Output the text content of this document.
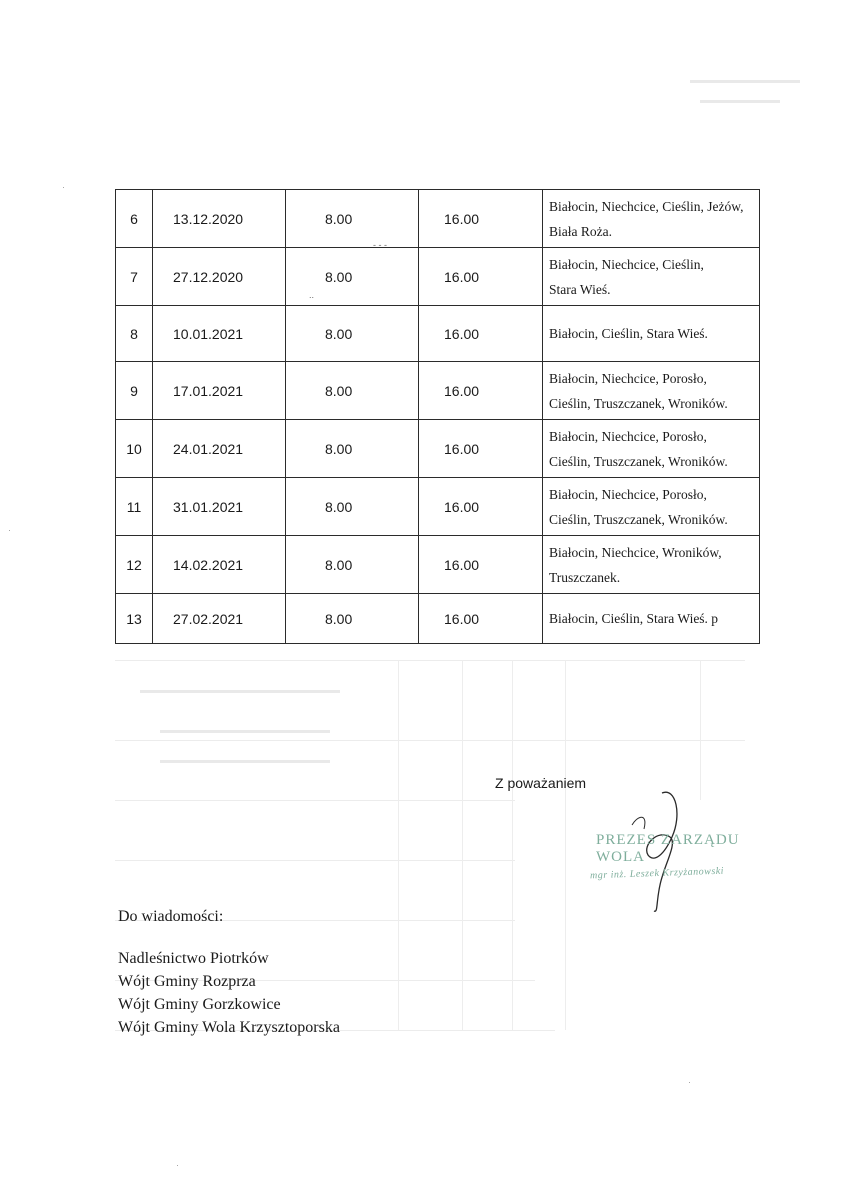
6	13.12.2020	8.00	16.00	Białocin, Niechcice, Cieślin, Jeżów,
Biała Roża.

7	27.12.2020	8.00	16.00	Białocin, Niechcice, Cieślin,
Stara Wieś.

8	10.01.2021	8.00	16.00	Białocin, Cieślin, Stara Wieś.

9	17.01.2021	8.00	16.00	Białocin, Niechcice, Porosło,
Cieślin, Truszczanek, Wroników.

10	24.01.2021	8.00	16.00	Białocin, Niechcice, Porosło,
Cieślin, Truszczanek, Wroników.

11	31.01.2021	8.00	16.00	Białocin, Niechcice, Porosło,
Cieślin, Truszczanek, Wroników.

12	14.02.2021	8.00	16.00	Białocin, Niechcice, Wroników,
Truszczanek.

13	27.02.2021	8.00	16.00	Białocin, Cieślin, Stara Wieś. p
- - -
..
Z poważaniem
PREZES ZARZĄDU WOLA
mgr inż. Leszek Krzyżanowski
Do wiadomości:
Nadleśnictwo Piotrków
Wójt Gminy Rozprza
Wójt Gminy Gorzkowice
Wójt Gminy Wola Krzysztoporska
·
·
·
·
